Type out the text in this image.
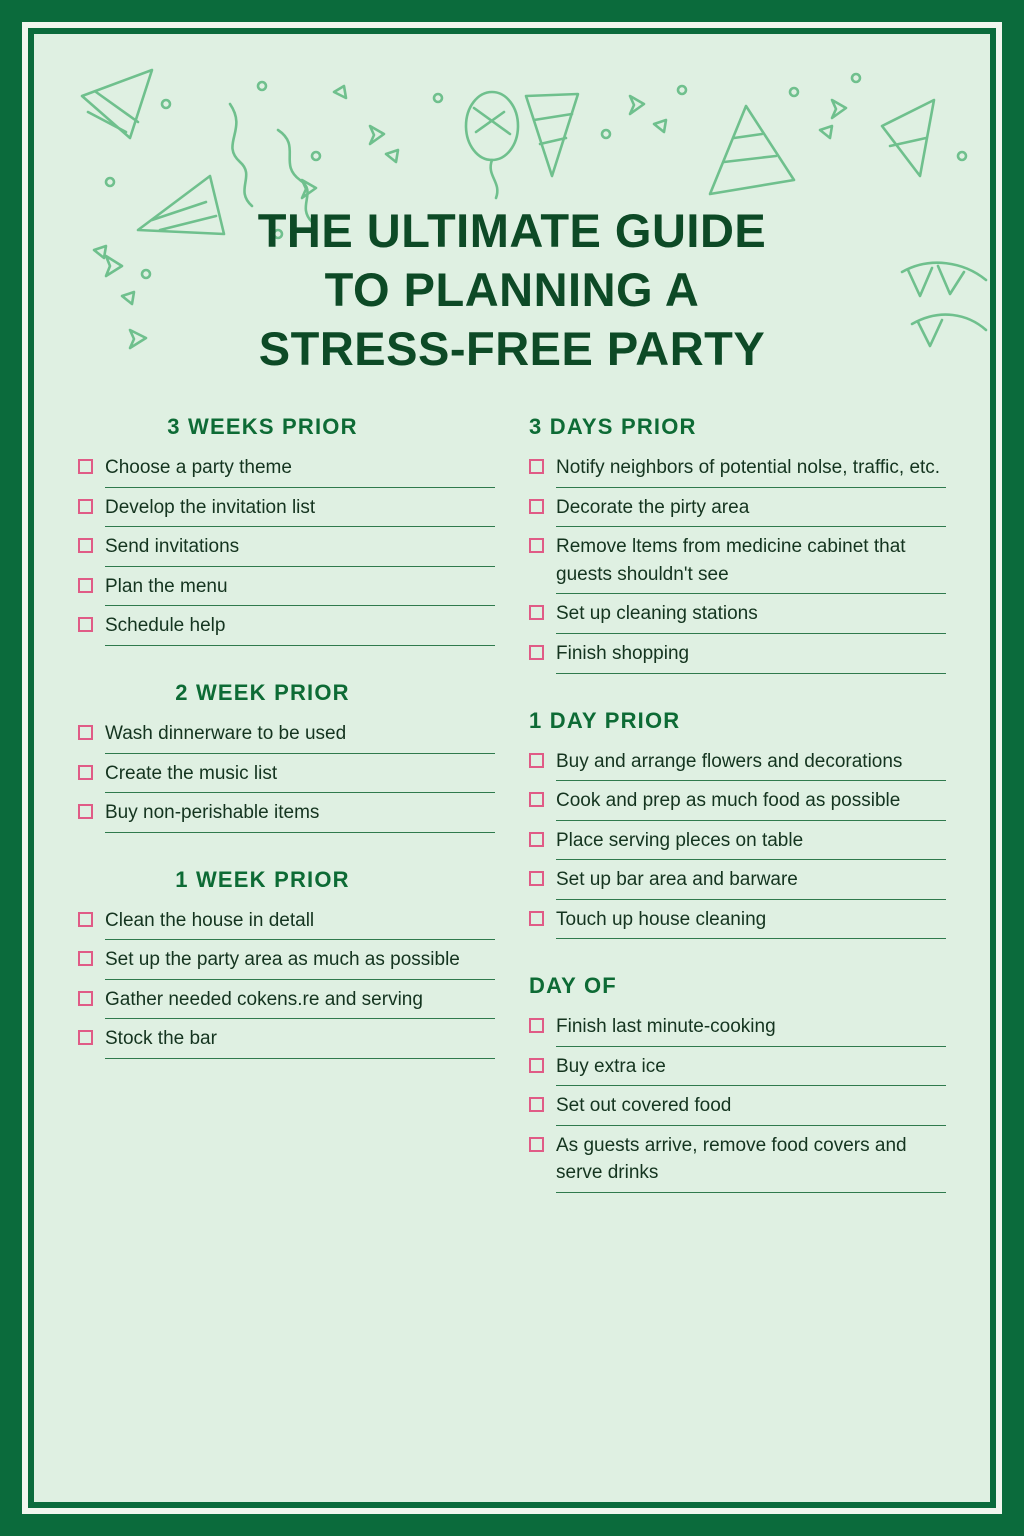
THE ULTIMATE GUIDE
TO PLANNING A
STRESS-FREE PARTY
3 WEEKS PRIOR
Choose a party theme
Develop the invitation list
Send invitations
Plan the menu
Schedule help
2 WEEK PRIOR
Wash dinnerware to be used
Create the music list
Buy non-perishable items
1 WEEK PRIOR
Clean the house in detall
Set up the party area as much as possible
Gather needed cokens.re and serving
Stock the bar
3 DAYS PRIOR
Notify neighbors of potential nolse, traffic, etc.
Decorate the pirty area
Remove ltems from medicine cabinet that guests shouldn't see
Set up cleaning stations
Finish shopping
1 DAY PRIOR
Buy and arrange flowers and decorations
Cook and prep as much food as possible
Place serving pleces on table
Set up bar area and barware
Touch up house cleaning
DAY OF
Finish last minute-cooking
Buy extra ice
Set out covered food
As guests arrive, remove food covers and serve drinks
